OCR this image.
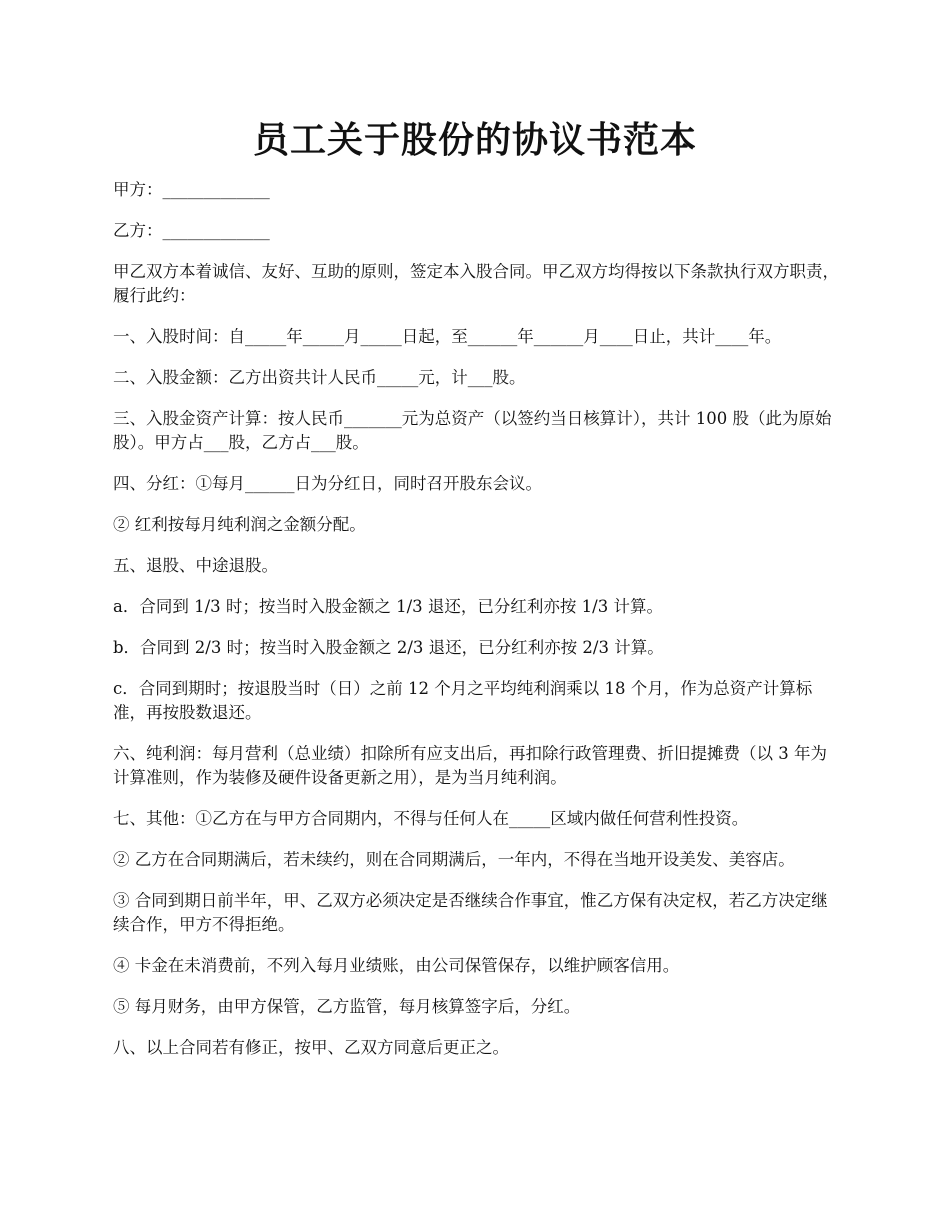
员工关于股份的协议书范本

甲方：_____________

乙方：_____________

甲乙双方本着诚信、友好、互助的原则，签定本入股合同。甲乙双方均得按以下条款执行双方职责，履行此约：

一、入股时间：自_____年_____月_____日起，至______年______月____日止，共计____年。

二、入股金额：乙方出资共计人民币_____元，计___股。

三、入股金资产计算：按人民币_______元为总资产（以签约当日核算计），共计 100 股（此为原始股）。甲方占___股，乙方占___股。

四、分红：①每月______日为分红日，同时召开股东会议。

② 红利按每月纯利润之金额分配。

五、退股、中途退股。

a．合同到 1/3 时；按当时入股金额之 1/3 退还，已分红利亦按 1/3 计算。

b．合同到 2/3 时；按当时入股金额之 2/3 退还，已分红利亦按 2/3 计算。

c．合同到期时；按退股当时（日）之前 12 个月之平均纯利润乘以 18 个月，作为总资产计算标准，再按股数退还。

六、纯利润：每月营利（总业绩）扣除所有应支出后，再扣除行政管理费、折旧提摊费（以 3 年为计算准则，作为装修及硬件设备更新之用），是为当月纯利润。

七、其他：①乙方在与甲方合同期内，不得与任何人在_____区域内做任何营利性投资。

② 乙方在合同期满后，若未续约，则在合同期满后，一年内，不得在当地开设美发、美容店。

③ 合同到期日前半年，甲、乙双方必须决定是否继续合作事宜，惟乙方保有决定权，若乙方决定继续合作，甲方不得拒绝。

④ 卡金在未消费前，不列入每月业绩账，由公司保管保存，以维护顾客信用。

⑤ 每月财务，由甲方保管，乙方监管，每月核算签字后，分红。

八、以上合同若有修正，按甲、乙双方同意后更正之。
